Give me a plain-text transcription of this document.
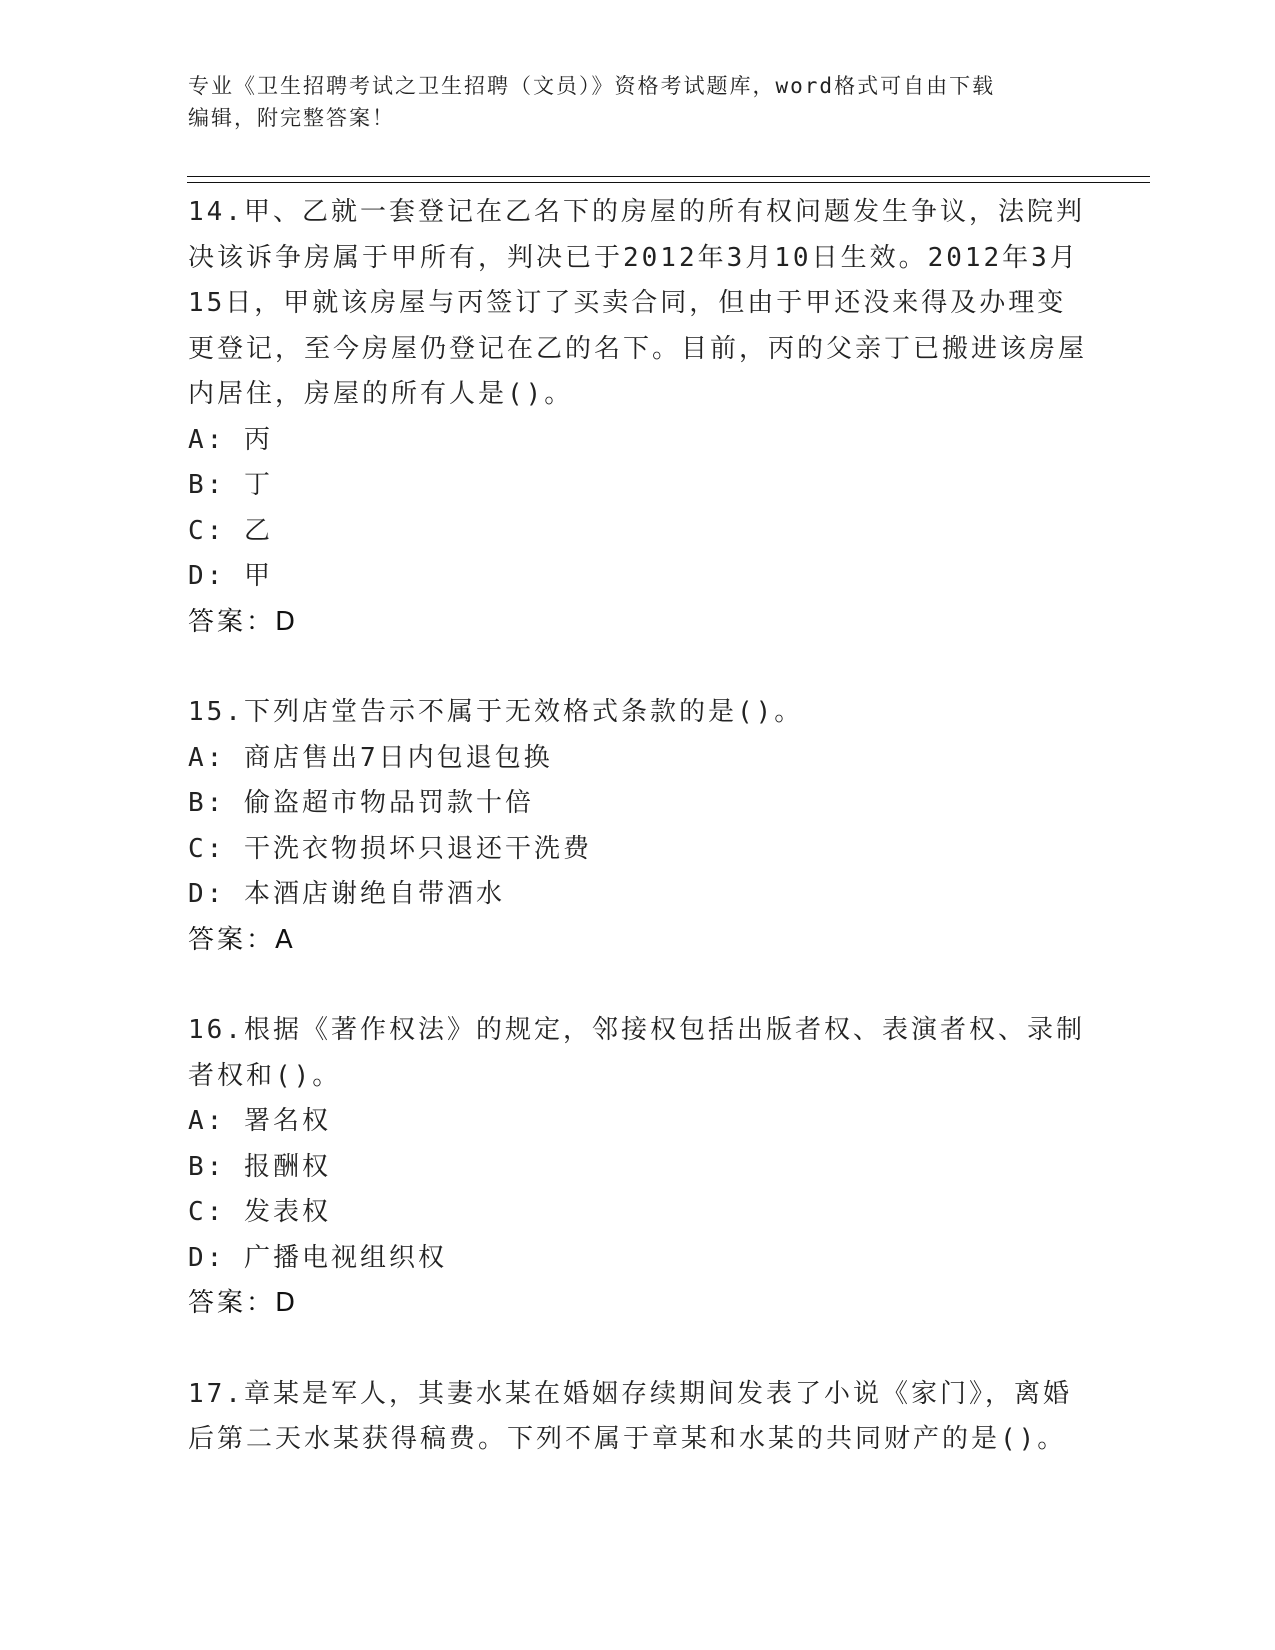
专业《卫生招聘考试之卫生招聘（文员）》资格考试题库，word格式可自由下载
编辑，附完整答案！

14.甲、乙就一套登记在乙名下的房屋的所有权问题发生争议，法院判决该诉争房属于甲所有，判决已于2012年3月10日生效。2012年3月15日，甲就该房屋与丙签订了买卖合同，但由于甲还没来得及办理变更登记，至今房屋仍登记在乙的名下。目前，丙的父亲丁已搬进该房屋内居住，房屋的所有人是()。

A: 丙

B: 丁

C: 乙

D: 甲

答案：D

15.下列店堂告示不属于无效格式条款的是()。

A: 商店售出7日内包退包换

B: 偷盗超市物品罚款十倍

C: 干洗衣物损坏只退还干洗费

D: 本酒店谢绝自带酒水

答案：A

16.根据《著作权法》的规定，邻接权包括出版者权、表演者权、录制者权和()。

A: 署名权

B: 报酬权

C: 发表权

D: 广播电视组织权

答案：D

17.章某是军人，其妻水某在婚姻存续期间发表了小说《家门》，离婚后第二天水某获得稿费。下列不属于章某和水某的共同财产的是()。
